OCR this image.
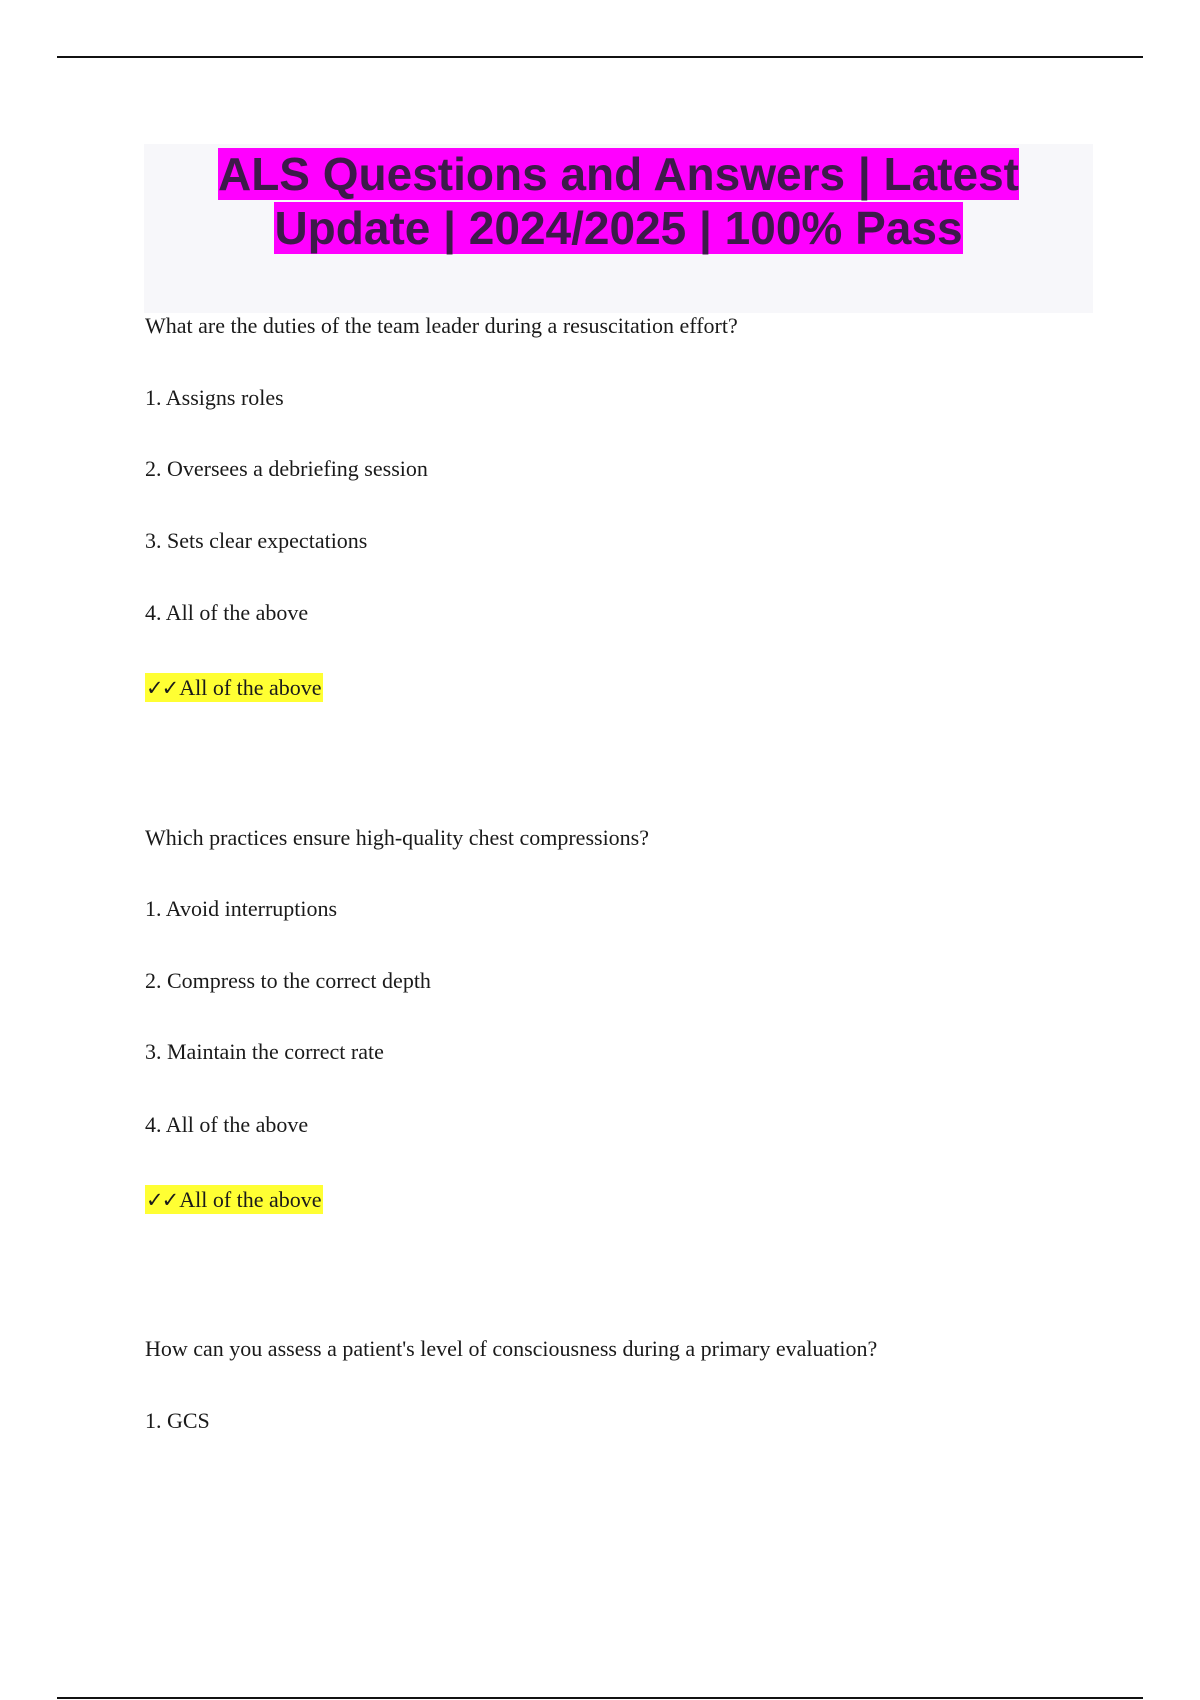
ALS Questions and Answers | Latest
Update | 2024/2025 | 100% Pass

What are the duties of the team leader during a resuscitation effort?

1. Assigns roles

2. Oversees a debriefing session

3. Sets clear expectations

4. All of the above

✓✓All of the above

Which practices ensure high-quality chest compressions?

1. Avoid interruptions

2. Compress to the correct depth

3. Maintain the correct rate

4. All of the above

✓✓All of the above

How can you assess a patient's level of consciousness during a primary evaluation?

1. GCS
